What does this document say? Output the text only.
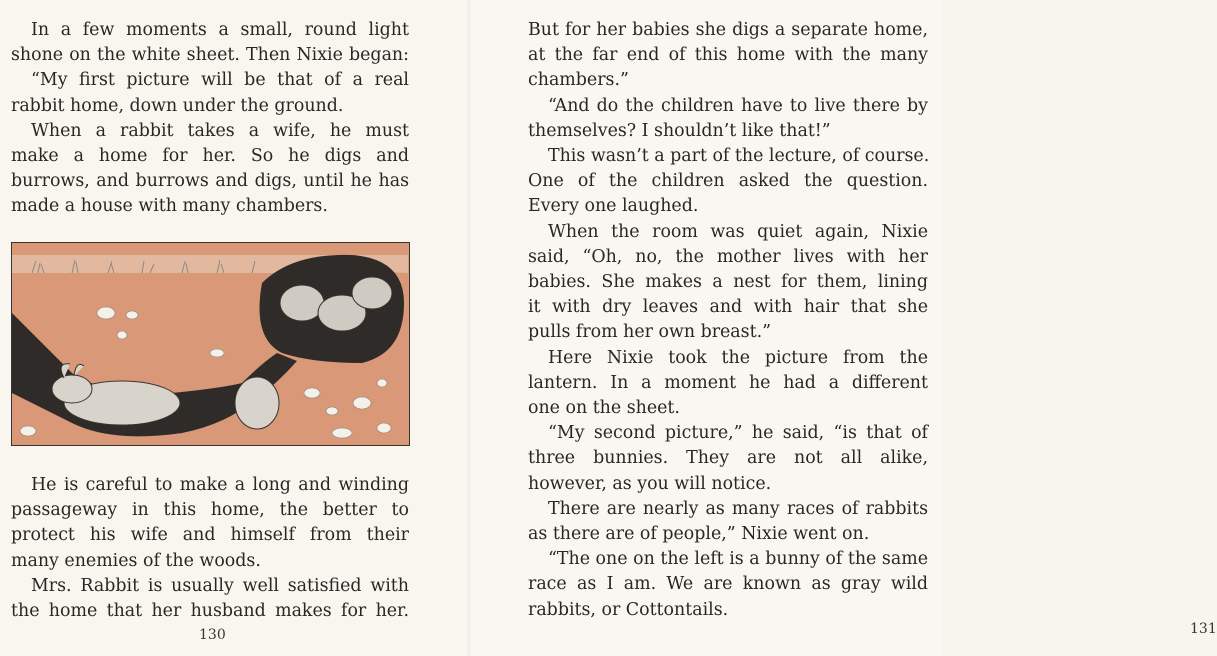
In a few moments a small, round light
shone on the white sheet. Then Nixie began:
“My first picture will be that of a real
rabbit home, down under the ground.
When a rabbit takes a wife, he must
make a home for her. So he digs and
burrows, and burrows and digs, until he has
made a house with many chambers.
He is careful to make a long and winding
passageway in this home, the better to
protect his wife and himself from their
many enemies of the woods.
Mrs. Rabbit is usually well satisfied with
the home that her husband makes for her.
130	131
But for her babies she digs a separate home,
at the far end of this home with the many
chambers.”
“And do the children have to live there by
themselves? I shouldn’t like that!”
This wasn’t a part of the lecture, of course.
One of the children asked the question.
Every one laughed.
When the room was quiet again, Nixie
said, “Oh, no, the mother lives with her
babies. She makes a nest for them, lining
it with dry leaves and with hair that she
pulls from her own breast.”
Here Nixie took the picture from the
lantern. In a moment he had a different
one on the sheet.
“My second picture,” he said, “is that of
three bunnies. They are not all alike,
however, as you will notice.
There are nearly as many races of rabbits
as there are of people,” Nixie went on.
“The one on the left is a bunny of the same
race as I am. We are known as gray wild
rabbits, or Cottontails.
